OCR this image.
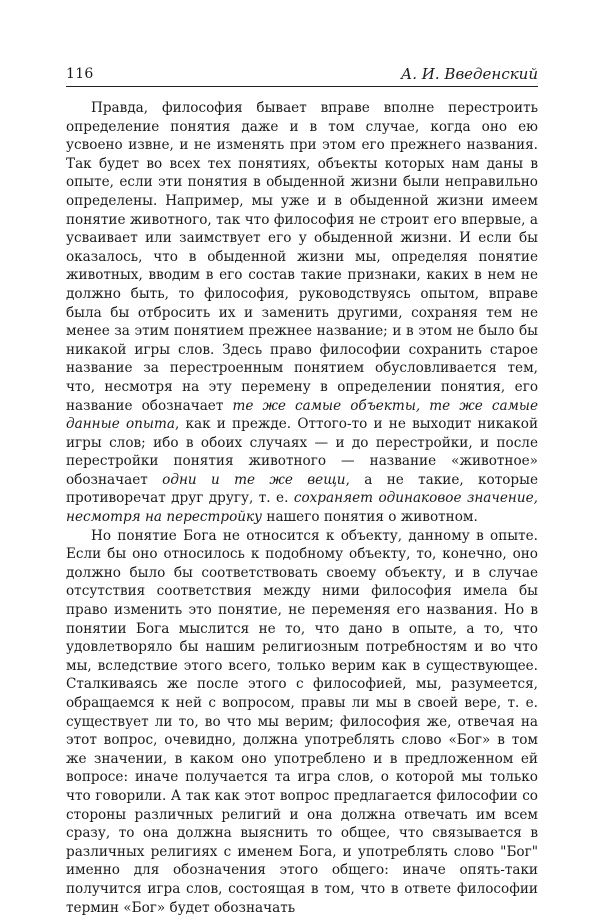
116	А. И. Введенский

Правда, философия бывает вправе вполне перестроить определение понятия даже и в том случае, когда оно ею усвоено извне, и не изменять при этом его прежнего названия. Так будет во всех тех понятиях, объекты которых нам даны в опыте, если эти понятия в обыденной жизни были неправильно определены. Например, мы уже и в обыденной жизни имеем понятие животного, так что философия не строит его впервые, а усваивает или заимствует его у обыденной жизни. И если бы оказалось, что в обыденной жизни мы, определяя понятие животных, вводим в его состав такие признаки, каких в нем не должно быть, то философия, руководствуясь опытом, вправе была бы отбросить их и заменить другими, сохраняя тем не менее за этим понятием прежнее название; и в этом не было бы никакой игры слов. Здесь право философии сохранить старое название за перестроенным понятием обусловливается тем, что, несмотря на эту перемену в определении понятия, его название обозначает те же самые объекты, те же самые данные опыта, как и прежде. Оттого-то и не выходит никакой игры слов; ибо в обоих случаях — и до перестройки, и после перестройки понятия животного — название «животное» обозначает одни и те же вещи, а не такие, которые противоречат друг другу, т. е. сохраняет одинаковое значение, несмотря на перестройку нашего понятия о животном.

Но понятие Бога не относится к объекту, данному в опыте. Если бы оно относилось к подобному объекту, то, конечно, оно должно было бы соответствовать своему объекту, и в случае отсутствия соответствия между ними философия имела бы право изменить это понятие, не переменяя его названия. Но в понятии Бога мыслится не то, что дано в опыте, а то, что удовлетворяло бы нашим религиозным потребностям и во что мы, вследствие этого всего, только верим как в существующее. Сталкиваясь же после этого с философией, мы, разумеется, обращаемся к ней с вопросом, правы ли мы в своей вере, т. е. существует ли то, во что мы верим; философия же, отвечая на этот вопрос, очевидно, должна употреблять слово «Бог» в том же значении, в каком оно употреблено и в предложенном ей вопросе: иначе получается та игра слов, о которой мы только что говорили. А так как этот вопрос предлагается философии со стороны различных религий и она должна отвечать им всем сразу, то она должна выяснить то общее, что связывается в различных религиях с именем Бога, и употреблять слово "Бог" именно для обозначения этого общего: иначе опять-таки получится игра слов, состоящая в том, что в ответе философии термин «Бог» будет обозначать
